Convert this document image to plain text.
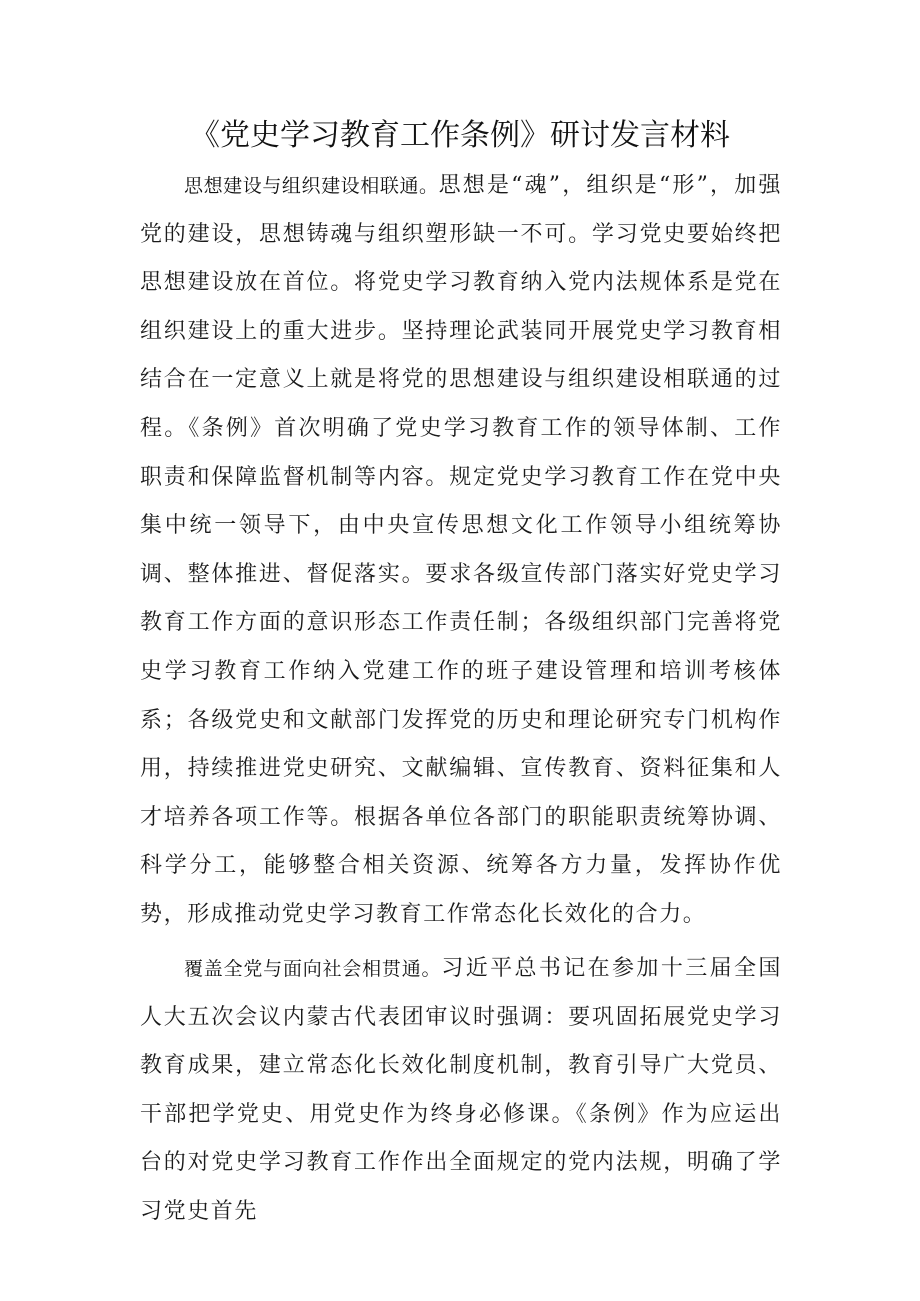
《党史学习教育工作条例》研讨发言材料

思想建设与组织建设相联通。思想是“魂”，组织是“形”，加强党的建设，思想铸魂与组织塑形缺一不可。学习党史要始终把思想建设放在首位。将党史学习教育纳入党内法规体系是党在组织建设上的重大进步。坚持理论武装同开展党史学习教育相结合在一定意义上就是将党的思想建设与组织建设相联通的过程。《条例》首次明确了党史学习教育工作的领导体制、工作职责和保障监督机制等内容。规定党史学习教育工作在党中央集中统一领导下，由中央宣传思想文化工作领导小组统筹协调、整体推进、督促落实。要求各级宣传部门落实好党史学习教育工作方面的意识形态工作责任制；各级组织部门完善将党史学习教育工作纳入党建工作的班子建设管理和培训考核体系；各级党史和文献部门发挥党的历史和理论研究专门机构作用，持续推进党史研究、文献编辑、宣传教育、资料征集和人才培养各项工作等。根据各单位各部门的职能职责统筹协调、科学分工，能够整合相关资源、统筹各方力量，发挥协作优势，形成推动党史学习教育工作常态化长效化的合力。

覆盖全党与面向社会相贯通。习近平总书记在参加十三届全国人大五次会议内蒙古代表团审议时强调：要巩固拓展党史学习教育成果，建立常态化长效化制度机制，教育引导广大党员、干部把学党史、用党史作为终身必修课。《条例》作为应运出台的对党史学习教育工作作出全面规定的党内法规，明确了学习党史首先
